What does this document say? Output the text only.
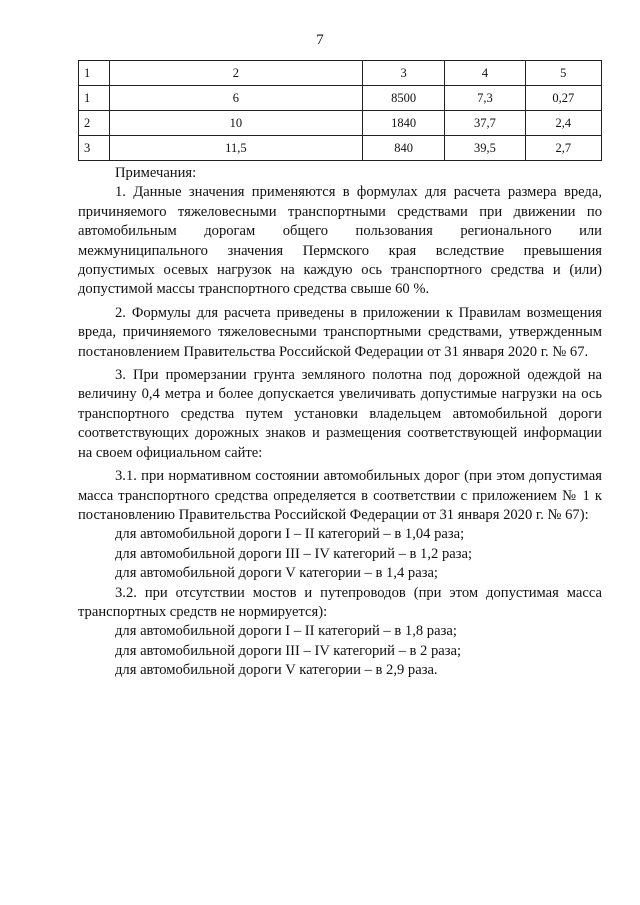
7
1	2	3	4	5
1	6	8500	7,3	0,27
2	10	1840	37,7	2,4
3	11,5	840	39,5	2,7

Примечания:

1. Данные значения применяются в формулах для расчета размера вреда, причиняемого тяжеловесными транспортными средствами при движении по автомобильным дорогам общего пользования регионального или межмуниципального значения Пермского края вследствие превышения допустимых осевых нагрузок на каждую ось транспортного средства и (или) допустимой массы транспортного средства свыше 60 %.

2. Формулы для расчета приведены в приложении к Правилам возмещения вреда, причиняемого тяжеловесными транспортными средствами, утвержденным постановлением Правительства Российской Федерации от 31 января 2020 г. № 67.

3. При промерзании грунта земляного полотна под дорожной одеждой на величину 0,4 метра и более допускается увеличивать допустимые нагрузки на ось транспортного средства путем установки владельцем автомобильной дороги соответствующих дорожных знаков и размещения соответствующей информации на своем официальном сайте:

3.1. при нормативном состоянии автомобильных дорог (при этом допустимая масса транспортного средства определяется в соответствии с приложением № 1 к постановлению Правительства Российской Федерации от 31 января 2020 г. № 67):

для автомобильной дороги I – II категорий – в 1,04 раза;

для автомобильной дороги III – IV категорий – в 1,2 раза;

для автомобильной дороги V категории – в 1,4 раза;

3.2. при отсутствии мостов и путепроводов (при этом допустимая масса транспортных средств не нормируется):

для автомобильной дороги I – II категорий – в 1,8 раза;

для автомобильной дороги III – IV категорий – в 2 раза;

для автомобильной дороги V категории – в 2,9 раза.
